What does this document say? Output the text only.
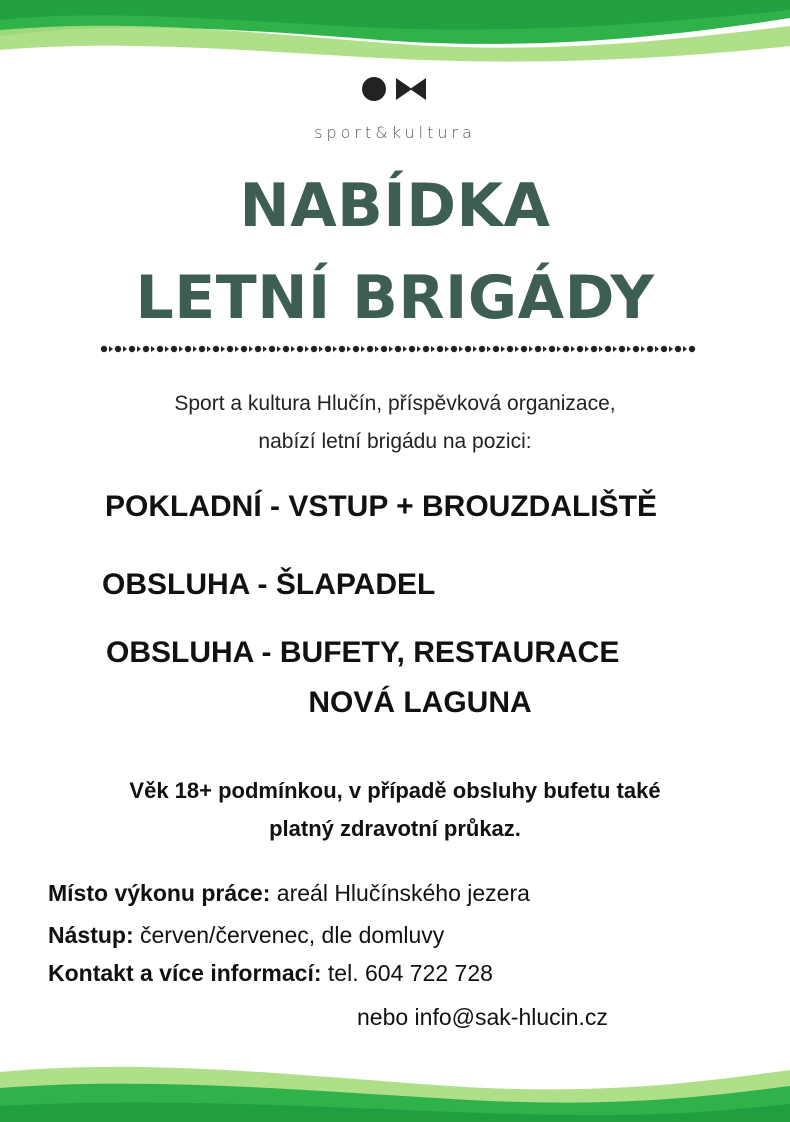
sport&kultura
NABÍDKA
LETNÍ BRIGÁDY
Sport a kultura Hlučín, příspěvková organizace,
nabízí letní brigádu na pozici:
POKLADNÍ - VSTUP + BROUZDALIŠTĚ
OBSLUHA - ŠLAPADEL
OBSLUHA - BUFETY, RESTAURACE
NOVÁ LAGUNA
Věk 18+ podmínkou, v případě obsluhy bufetu také
platný zdravotní průkaz.
Místo výkonu práce: areál Hlučínského jezera
Nástup: červen/červenec, dle domluvy
Kontakt a více informací: tel. 604 722 728
nebo info@sak-hlucin.cz
